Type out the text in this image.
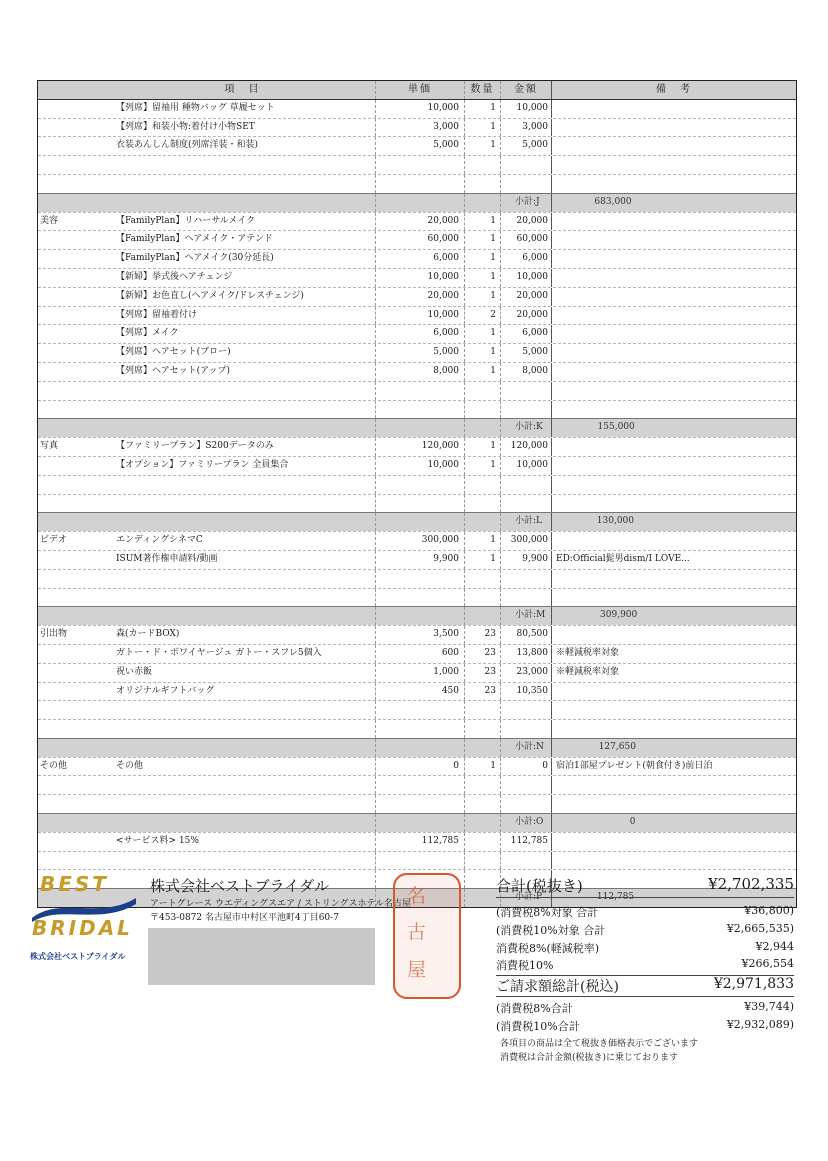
項　目	単価	数量	金額	備　考
【列席】留袖用 種物バッグ 草履セット	10,000	1	10,000
【列席】和装小物:着付け小物SET	3,000	1	3,000
衣装あんしん制度(列席洋装・和装)	5,000	1	5,000
小計:J	683,000
美容	【FamilyPlan】リハーサルメイク	20,000	1	20,000
【FamilyPlan】ヘアメイク・アテンド	60,000	1	60,000
【FamilyPlan】ヘアメイク(30分延長)	6,000	1	6,000
【新婦】挙式後ヘアチェンジ	10,000	1	10,000
【新婦】お色直し(ヘアメイク/ドレスチェンジ)	20,000	1	20,000
【列席】留袖着付け	10,000	2	20,000
【列席】メイク	6,000	1	6,000
【列席】ヘアセット(ブロー)	5,000	1	5,000
【列席】ヘアセット(アップ)	8,000	1	8,000
小計:K	155,000
写真	【ファミリープラン】S200データのみ	120,000	1	120,000
【オプション】ファミリープラン 全員集合	10,000	1	10,000
小計:L	130,000
ビデオ	エンディングシネマC	300,000	1	300,000
ISUM著作権申請料/動画	9,900	1	9,900 ED:Official髭男dism/I LOVE...
小計:M	309,900
引出物	森(カードBOX)	3,500	23	80,500
ガトー・ド・ボワイヤージュ ガトー・スフレ5個入	600	23	13,800 ※軽減税率対象
祝い赤飯	1,000	23	23,000 ※軽減税率対象
オリジナルギフトバッグ	450	23	10,350
小計:N	127,650
その他	その他	0	1	0 宿泊1部屋プレゼント(朝食付き)前日泊
小計:O	0
<サービス料> 15%	112,785	112,785
小計:P	112,785
BEST
BRIDAL
株式会社ベストブライダル
株式会社ベストブライダル
アートグレース ウエディングスエア / ストリングスホテル名古屋
〒453-0872 名古屋市中村区平池町4丁目60-7
名
古
屋
合計(税抜き)	¥2,702,335
(消費税8%対象 合計	¥36,800)
(消費税10%対象 合計	¥2,665,535)
消費税8%(軽減税率)	¥2,944
消費税10%	¥266,554
ご請求額総計(税込)	¥2,971,833
(消費税8%合計	¥39,744)
(消費税10%合計	¥2,932,089)
各項目の商品は全て税抜き価格表示でございます
消費税は合計金額(税抜き)に乗じております
